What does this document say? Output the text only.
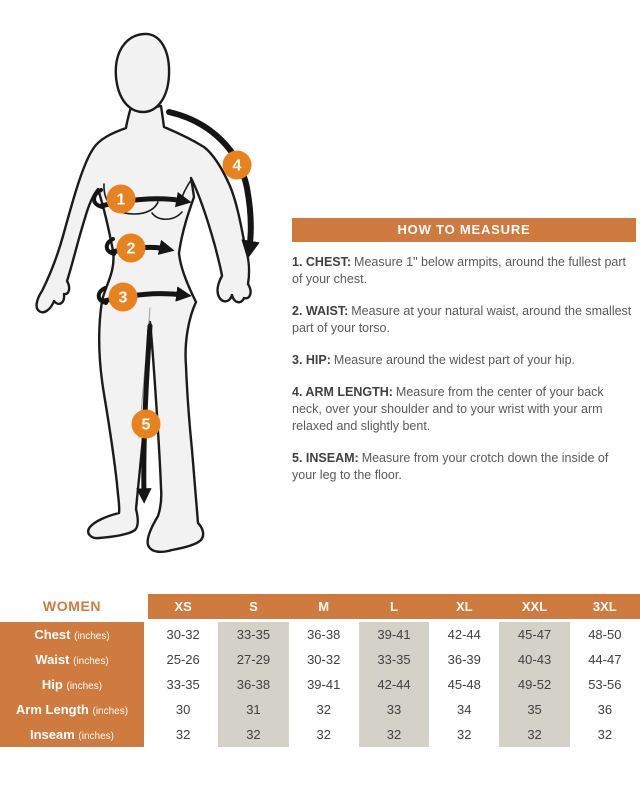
1
2
3
4
5
HOW TO MEASURE

1. CHEST: Measure 1" below armpits, around the fullest part of your chest.

2. WAIST: Measure at your natural waist, around the smallest part of your torso.

3. HIP: Measure around the widest part of your hip.

4. ARM LENGTH: Measure from the center of your back neck, over your shoulder and to your wrist with your arm relaxed and slightly bent.

5. INSEAM: Measure from your crotch down the inside of your leg to the floor.

WOMEN
Chest (inches)
Waist (inches)
Hip (inches)
Arm Length (inches)
Inseam (inches)
XS
30-32
25-26
33-35
30
32
S
33-35
27-29
36-38
31
32
M
36-38
30-32
39-41
32
32
L
39-41
33-35
42-44
33
32
XL
42-44
36-39
45-48
34
32
XXL
45-47
40-43
49-52
35
32
3XL
48-50
44-47
53-56
36
32
